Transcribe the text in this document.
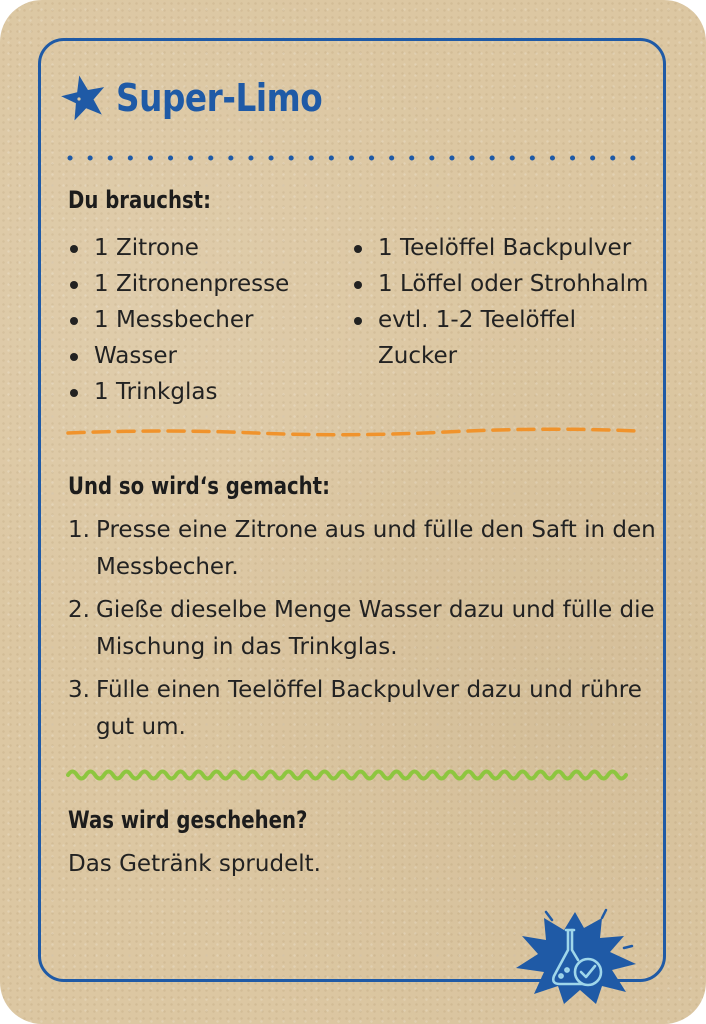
Super-Limo
Du brauchst:
1 Zitrone
1 Zitronenpresse
1 Messbecher
Wasser
1 Trinkglas
1 Teelöffel Backpulver
1 Löffel oder Strohhalm
evtl. 1-2 Teelöffel Zucker
Und so wird‘s gemacht:
1. Presse eine Zitrone aus und fülle den Saft in den Messbecher.
2. Gieße dieselbe Menge Wasser dazu und fülle die Mischung in das Trinkglas.
3. Fülle einen Teelöffel Backpulver dazu und rühre gut um.
Was wird geschehen?
Das Getränk sprudelt.
